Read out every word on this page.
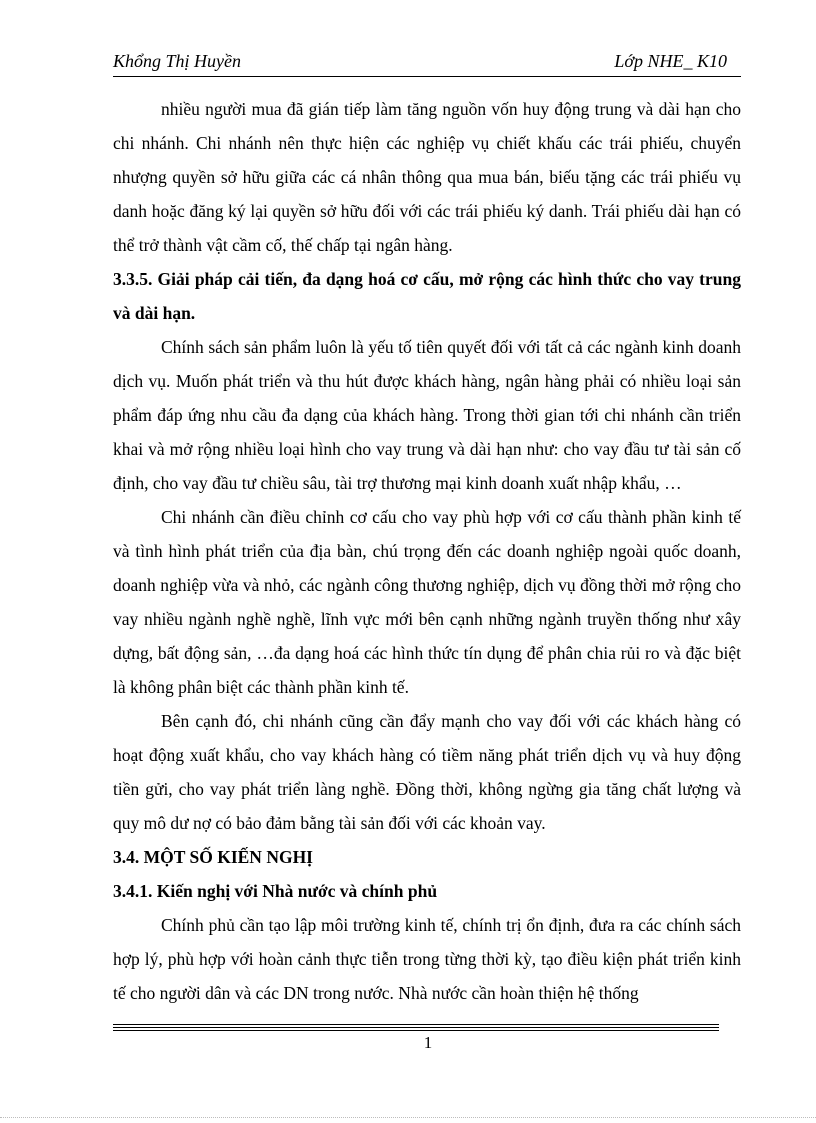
Khổng Thị Huyền	Lớp NHE_ K10

nhiều người mua đã gián tiếp làm tăng nguồn vốn huy động trung và dài hạn cho chi nhánh. Chi nhánh nên thực hiện các nghiệp vụ chiết khấu các trái phiếu, chuyển nhượng quyền sở hữu giữa các cá nhân thông qua mua bán, biếu tặng các trái phiếu vụ danh hoặc đăng ký lại quyền sở hữu đối với các trái phiếu ký danh. Trái phiếu dài hạn có thể trở thành vật cầm cố, thế chấp tại ngân hàng.

3.3.5. Giải pháp cải tiến, đa dạng hoá cơ cấu, mở rộng các hình thức cho vay trung và dài hạn.

Chính sách sản phẩm luôn là yếu tố tiên quyết đối với tất cả các ngành kinh doanh dịch vụ. Muốn phát triển và thu hút được khách hàng, ngân hàng phải có nhiều loại sản phẩm đáp ứng nhu cầu đa dạng của khách hàng. Trong thời gian tới chi nhánh cần triển khai và mở rộng nhiều loại hình cho vay trung và dài hạn như: cho vay đầu tư tài sản cố định, cho vay đầu tư chiều sâu, tài trợ thương mại kinh doanh xuất nhập khẩu, …

Chi nhánh cần điều chỉnh cơ cấu cho vay phù hợp với cơ cấu thành phần kinh tế và tình hình phát triển của địa bàn, chú trọng đến các doanh nghiệp ngoài quốc doanh, doanh nghiệp vừa và nhỏ, các ngành công thương nghiệp, dịch vụ đồng thời mở rộng cho vay nhiều ngành nghề nghề, lĩnh vực mới bên cạnh những ngành truyền thống như xây dựng, bất động sản, …đa dạng hoá các hình thức tín dụng để phân chia rủi ro và đặc biệt là không phân biệt các thành phần kinh tế.

Bên cạnh đó, chi nhánh cũng cần đẩy mạnh cho vay đối với các khách hàng có hoạt động xuất khẩu, cho vay khách hàng có tiềm năng phát triển dịch vụ và huy động tiền gửi, cho vay phát triển làng nghề. Đồng thời, không ngừng gia tăng chất lượng và quy mô dư nợ có bảo đảm bằng tài sản đối với các khoản vay.

3.4. MỘT SỐ KIẾN NGHỊ
3.4.1. Kiến nghị với Nhà nước và chính phủ

Chính phủ cần tạo lập môi trường kinh tế, chính trị ổn định, đưa ra các chính sách hợp lý, phù hợp với hoàn cảnh thực tiễn trong từng thời kỳ, tạo điều kiện phát triển kinh tế cho người dân và các DN trong nước. Nhà nước cần hoàn thiện hệ thống

1
